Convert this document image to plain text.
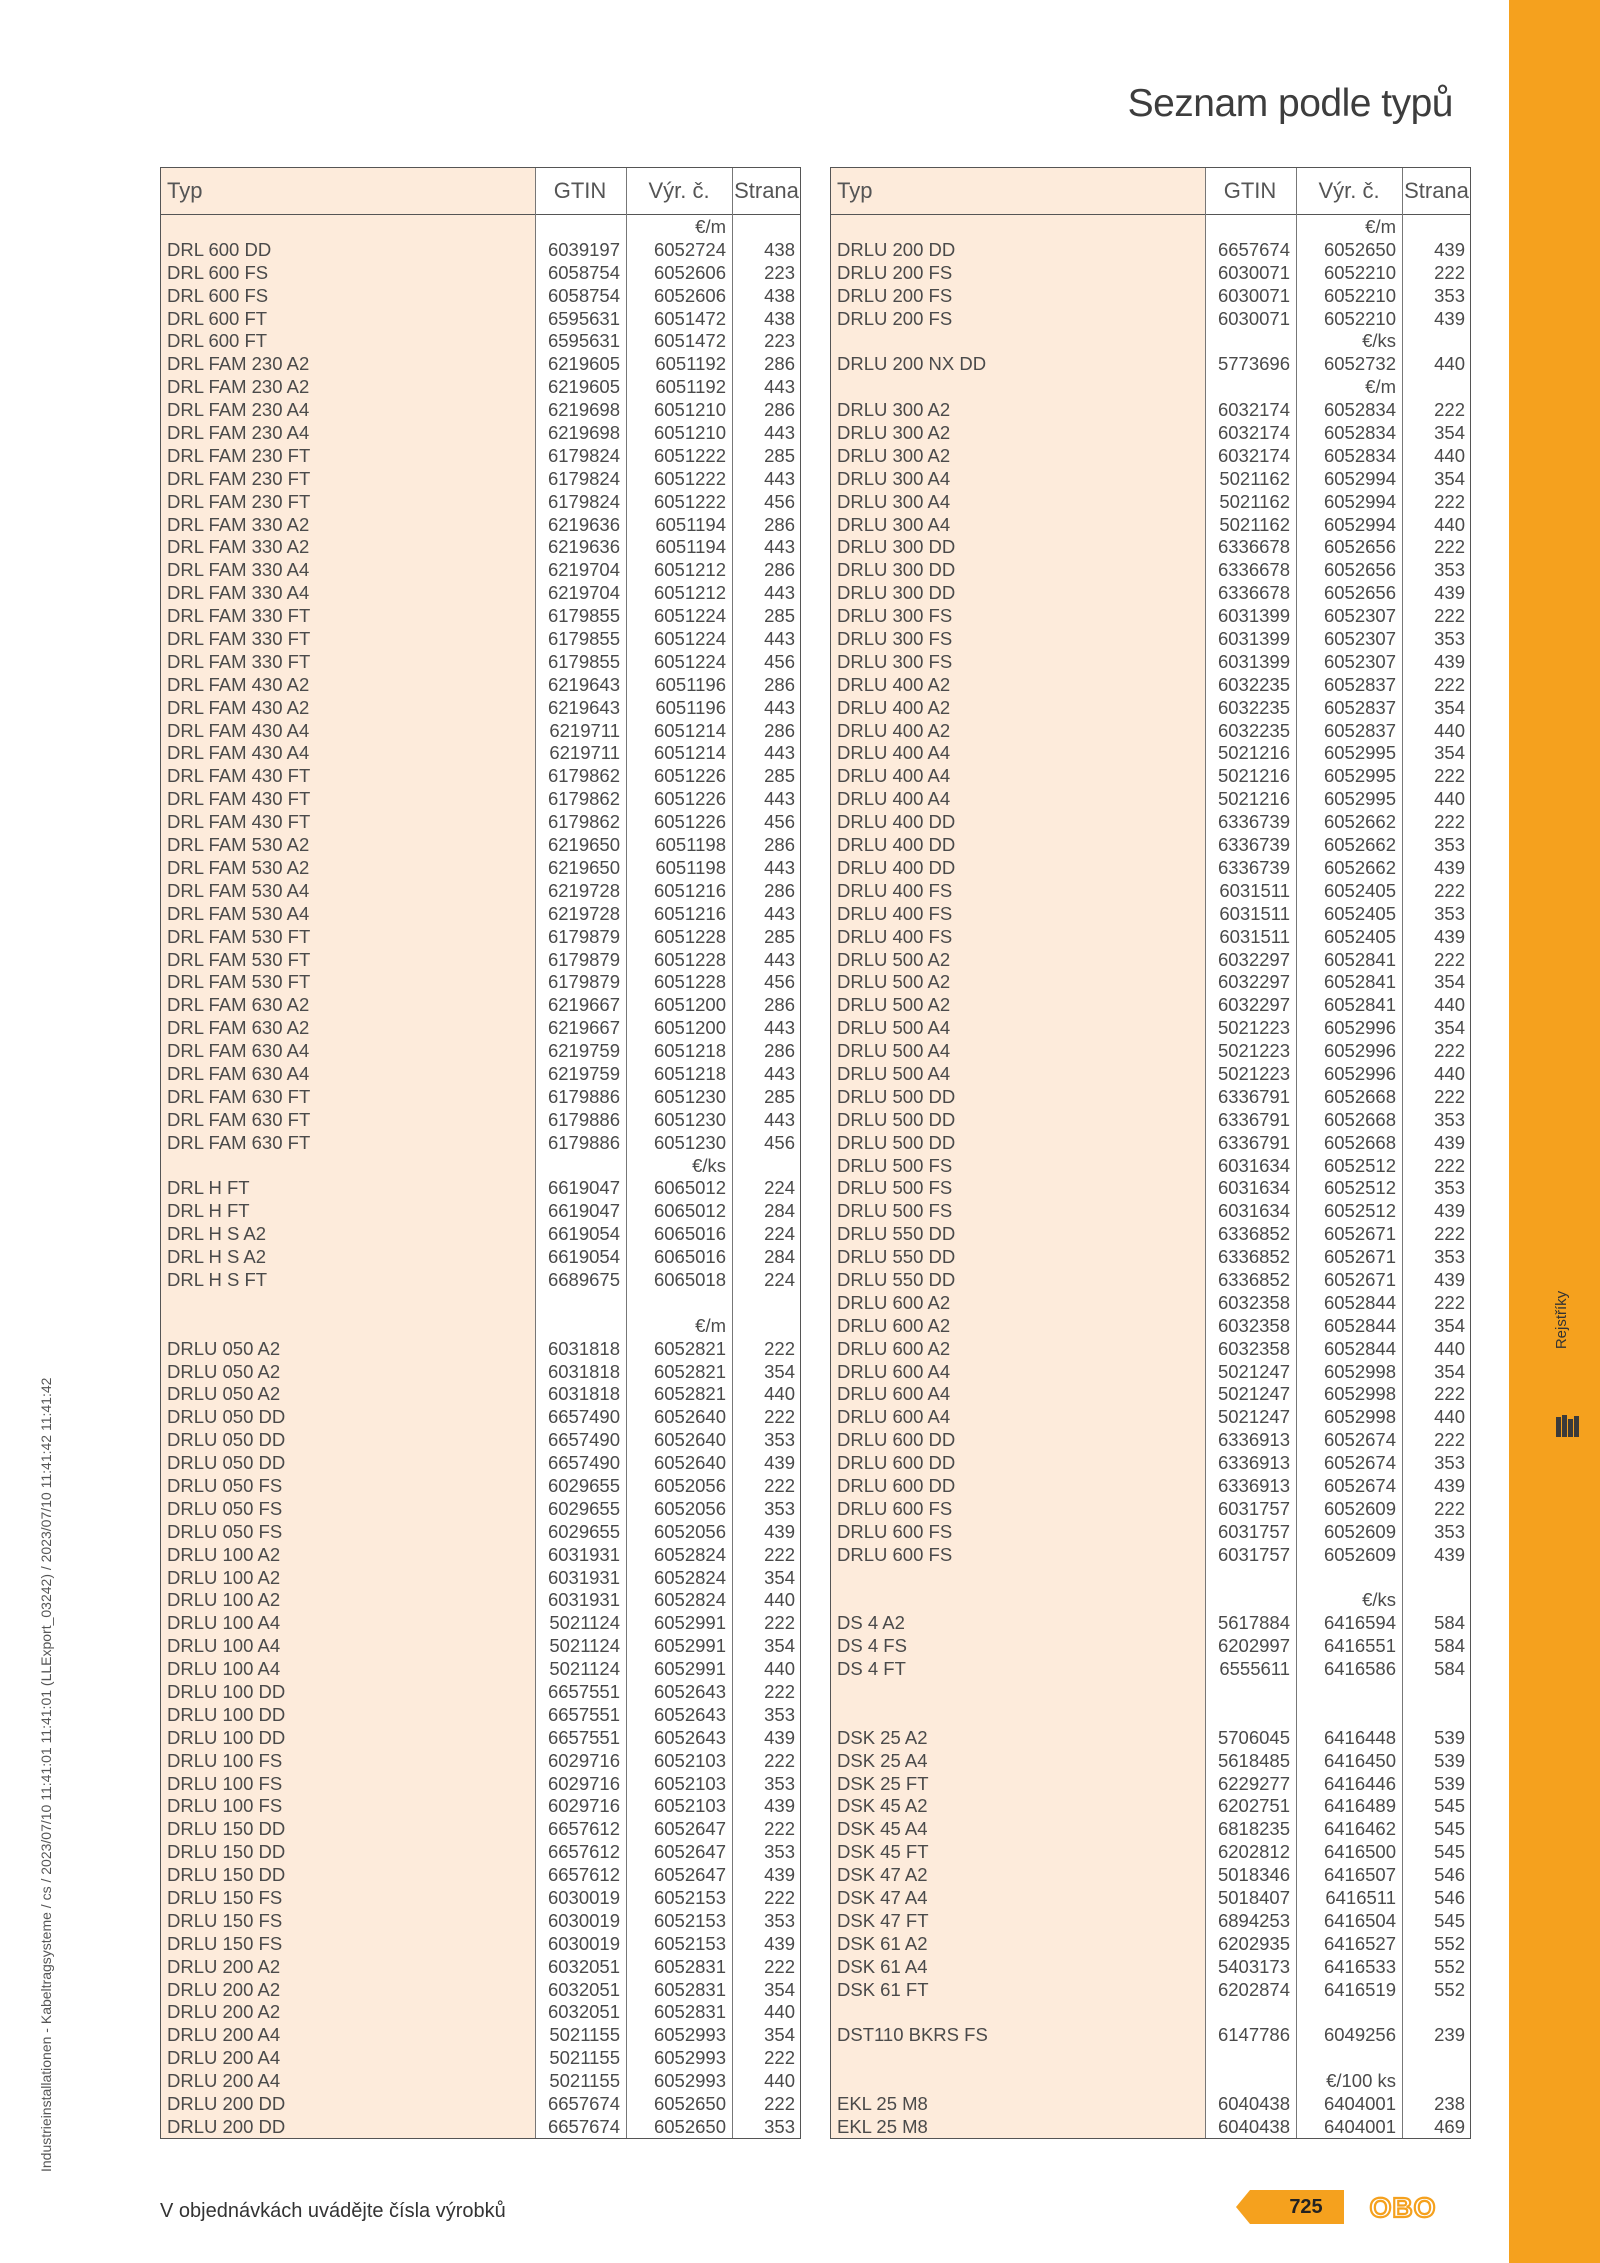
Rejstříky
Seznam podle typů
Industrieinstallationen - Kabeltragsysteme / cs / 2023/07/10 11:41:01 11:41:01 (LLExport_03242) / 2023/07/10 11:41:42 11:41:42
Typ	GTIN	Výr. č.	Strana
€/m
DRL 600 DD	6039197	6052724	438
DRL 600 FS	6058754	6052606	223
DRL 600 FS	6058754	6052606	438
DRL 600 FT	6595631	6051472	438
DRL 600 FT	6595631	6051472	223
DRL FAM 230 A2	6219605	6051192	286
DRL FAM 230 A2	6219605	6051192	443
DRL FAM 230 A4	6219698	6051210	286
DRL FAM 230 A4	6219698	6051210	443
DRL FAM 230 FT	6179824	6051222	285
DRL FAM 230 FT	6179824	6051222	443
DRL FAM 230 FT	6179824	6051222	456
DRL FAM 330 A2	6219636	6051194	286
DRL FAM 330 A2	6219636	6051194	443
DRL FAM 330 A4	6219704	6051212	286
DRL FAM 330 A4	6219704	6051212	443
DRL FAM 330 FT	6179855	6051224	285
DRL FAM 330 FT	6179855	6051224	443
DRL FAM 330 FT	6179855	6051224	456
DRL FAM 430 A2	6219643	6051196	286
DRL FAM 430 A2	6219643	6051196	443
DRL FAM 430 A4	6219711	6051214	286
DRL FAM 430 A4	6219711	6051214	443
DRL FAM 430 FT	6179862	6051226	285
DRL FAM 430 FT	6179862	6051226	443
DRL FAM 430 FT	6179862	6051226	456
DRL FAM 530 A2	6219650	6051198	286
DRL FAM 530 A2	6219650	6051198	443
DRL FAM 530 A4	6219728	6051216	286
DRL FAM 530 A4	6219728	6051216	443
DRL FAM 530 FT	6179879	6051228	285
DRL FAM 530 FT	6179879	6051228	443
DRL FAM 530 FT	6179879	6051228	456
DRL FAM 630 A2	6219667	6051200	286
DRL FAM 630 A2	6219667	6051200	443
DRL FAM 630 A4	6219759	6051218	286
DRL FAM 630 A4	6219759	6051218	443
DRL FAM 630 FT	6179886	6051230	285
DRL FAM 630 FT	6179886	6051230	443
DRL FAM 630 FT	6179886	6051230	456
€/ks
DRL H FT	6619047	6065012	224
DRL H FT	6619047	6065012	284
DRL H S A2	6619054	6065016	224
DRL H S A2	6619054	6065016	284
DRL H S FT	6689675	6065018	224
€/m
DRLU 050 A2	6031818	6052821	222
DRLU 050 A2	6031818	6052821	354
DRLU 050 A2	6031818	6052821	440
DRLU 050 DD	6657490	6052640	222
DRLU 050 DD	6657490	6052640	353
DRLU 050 DD	6657490	6052640	439
DRLU 050 FS	6029655	6052056	222
DRLU 050 FS	6029655	6052056	353
DRLU 050 FS	6029655	6052056	439
DRLU 100 A2	6031931	6052824	222
DRLU 100 A2	6031931	6052824	354
DRLU 100 A2	6031931	6052824	440
DRLU 100 A4	5021124	6052991	222
DRLU 100 A4	5021124	6052991	354
DRLU 100 A4	5021124	6052991	440
DRLU 100 DD	6657551	6052643	222
DRLU 100 DD	6657551	6052643	353
DRLU 100 DD	6657551	6052643	439
DRLU 100 FS	6029716	6052103	222
DRLU 100 FS	6029716	6052103	353
DRLU 100 FS	6029716	6052103	439
DRLU 150 DD	6657612	6052647	222
DRLU 150 DD	6657612	6052647	353
DRLU 150 DD	6657612	6052647	439
DRLU 150 FS	6030019	6052153	222
DRLU 150 FS	6030019	6052153	353
DRLU 150 FS	6030019	6052153	439
DRLU 200 A2	6032051	6052831	222
DRLU 200 A2	6032051	6052831	354
DRLU 200 A2	6032051	6052831	440
DRLU 200 A4	5021155	6052993	354
DRLU 200 A4	5021155	6052993	222
DRLU 200 A4	5021155	6052993	440
DRLU 200 DD	6657674	6052650	222
DRLU 200 DD	6657674	6052650	353
Typ	GTIN	Výr. č.	Strana
€/m
DRLU 200 DD	6657674	6052650	439
DRLU 200 FS	6030071	6052210	222
DRLU 200 FS	6030071	6052210	353
DRLU 200 FS	6030071	6052210	439
€/ks
DRLU 200 NX DD	5773696	6052732	440
€/m
DRLU 300 A2	6032174	6052834	222
DRLU 300 A2	6032174	6052834	354
DRLU 300 A2	6032174	6052834	440
DRLU 300 A4	5021162	6052994	354
DRLU 300 A4	5021162	6052994	222
DRLU 300 A4	5021162	6052994	440
DRLU 300 DD	6336678	6052656	222
DRLU 300 DD	6336678	6052656	353
DRLU 300 DD	6336678	6052656	439
DRLU 300 FS	6031399	6052307	222
DRLU 300 FS	6031399	6052307	353
DRLU 300 FS	6031399	6052307	439
DRLU 400 A2	6032235	6052837	222
DRLU 400 A2	6032235	6052837	354
DRLU 400 A2	6032235	6052837	440
DRLU 400 A4	5021216	6052995	354
DRLU 400 A4	5021216	6052995	222
DRLU 400 A4	5021216	6052995	440
DRLU 400 DD	6336739	6052662	222
DRLU 400 DD	6336739	6052662	353
DRLU 400 DD	6336739	6052662	439
DRLU 400 FS	6031511	6052405	222
DRLU 400 FS	6031511	6052405	353
DRLU 400 FS	6031511	6052405	439
DRLU 500 A2	6032297	6052841	222
DRLU 500 A2	6032297	6052841	354
DRLU 500 A2	6032297	6052841	440
DRLU 500 A4	5021223	6052996	354
DRLU 500 A4	5021223	6052996	222
DRLU 500 A4	5021223	6052996	440
DRLU 500 DD	6336791	6052668	222
DRLU 500 DD	6336791	6052668	353
DRLU 500 DD	6336791	6052668	439
DRLU 500 FS	6031634	6052512	222
DRLU 500 FS	6031634	6052512	353
DRLU 500 FS	6031634	6052512	439
DRLU 550 DD	6336852	6052671	222
DRLU 550 DD	6336852	6052671	353
DRLU 550 DD	6336852	6052671	439
DRLU 600 A2	6032358	6052844	222
DRLU 600 A2	6032358	6052844	354
DRLU 600 A2	6032358	6052844	440
DRLU 600 A4	5021247	6052998	354
DRLU 600 A4	5021247	6052998	222
DRLU 600 A4	5021247	6052998	440
DRLU 600 DD	6336913	6052674	222
DRLU 600 DD	6336913	6052674	353
DRLU 600 DD	6336913	6052674	439
DRLU 600 FS	6031757	6052609	222
DRLU 600 FS	6031757	6052609	353
DRLU 600 FS	6031757	6052609	439
€/ks
DS 4 A2	5617884	6416594	584
DS 4 FS	6202997	6416551	584
DS 4 FT	6555611	6416586	584
DSK 25 A2	5706045	6416448	539
DSK 25 A4	5618485	6416450	539
DSK 25 FT	6229277	6416446	539
DSK 45 A2	6202751	6416489	545
DSK 45 A4	6818235	6416462	545
DSK 45 FT	6202812	6416500	545
DSK 47 A2	5018346	6416507	546
DSK 47 A4	5018407	6416511	546
DSK 47 FT	6894253	6416504	545
DSK 61 A2	6202935	6416527	552
DSK 61 A4	5403173	6416533	552
DSK 61 FT	6202874	6416519	552
DST110 BKRS FS	6147786	6049256	239
€/100 ks
EKL 25 M8	6040438	6404001	238
EKL 25 M8	6040438	6404001	469
V objednávkách uvádějte čísla výrobků	725	OBO
